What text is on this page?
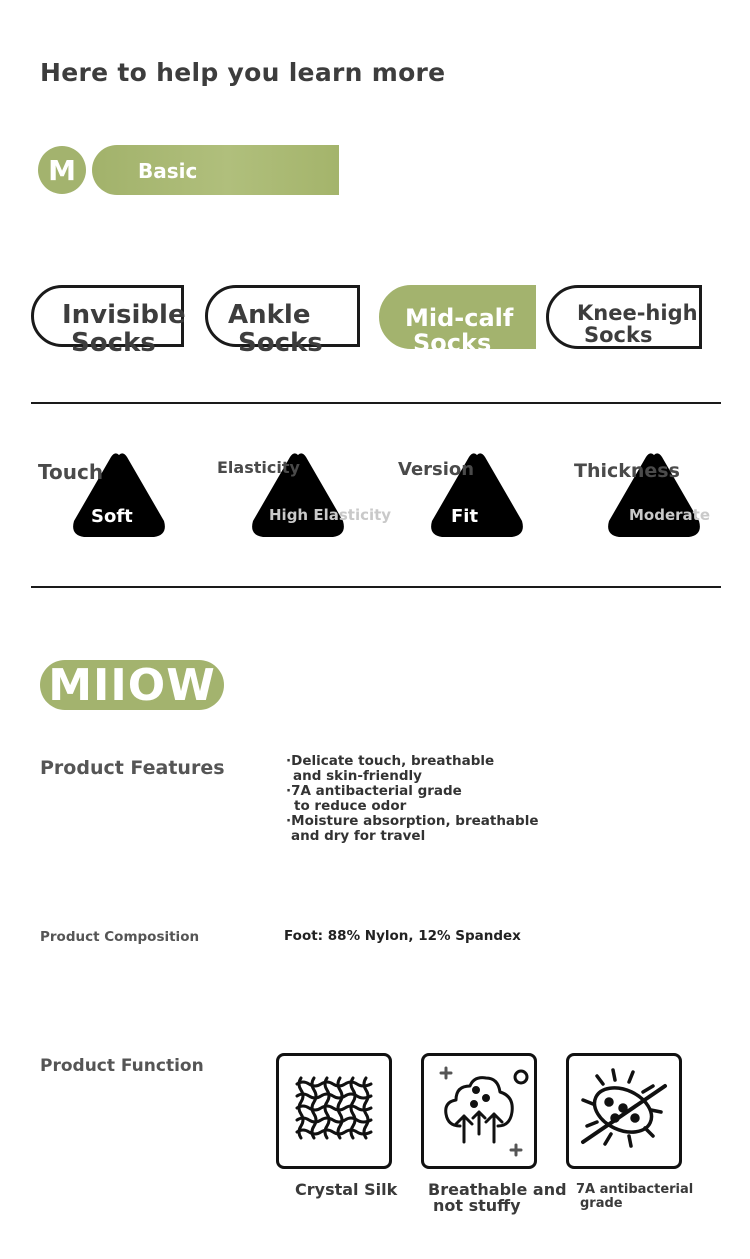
Here to help you learn more
M	Basic
Invisible
Socks
Ankle
Socks
Mid-calf
Socks
Knee-high
Socks
Touch
Soft
Elasticity
High Elasticity
Version
Fit
Thickness
Moderate
MIIOW
Product Features	·Delicate touch, breathable
and skin-friendly
·7A antibacterial grade
to reduce odor
·Moisture absorption, breathable
and dry for travel
Product Composition	Foot: 88% Nylon, 12% Spandex
Product Function
Crystal Silk Breathable and
not stuffy
7A antibacterial
grade
